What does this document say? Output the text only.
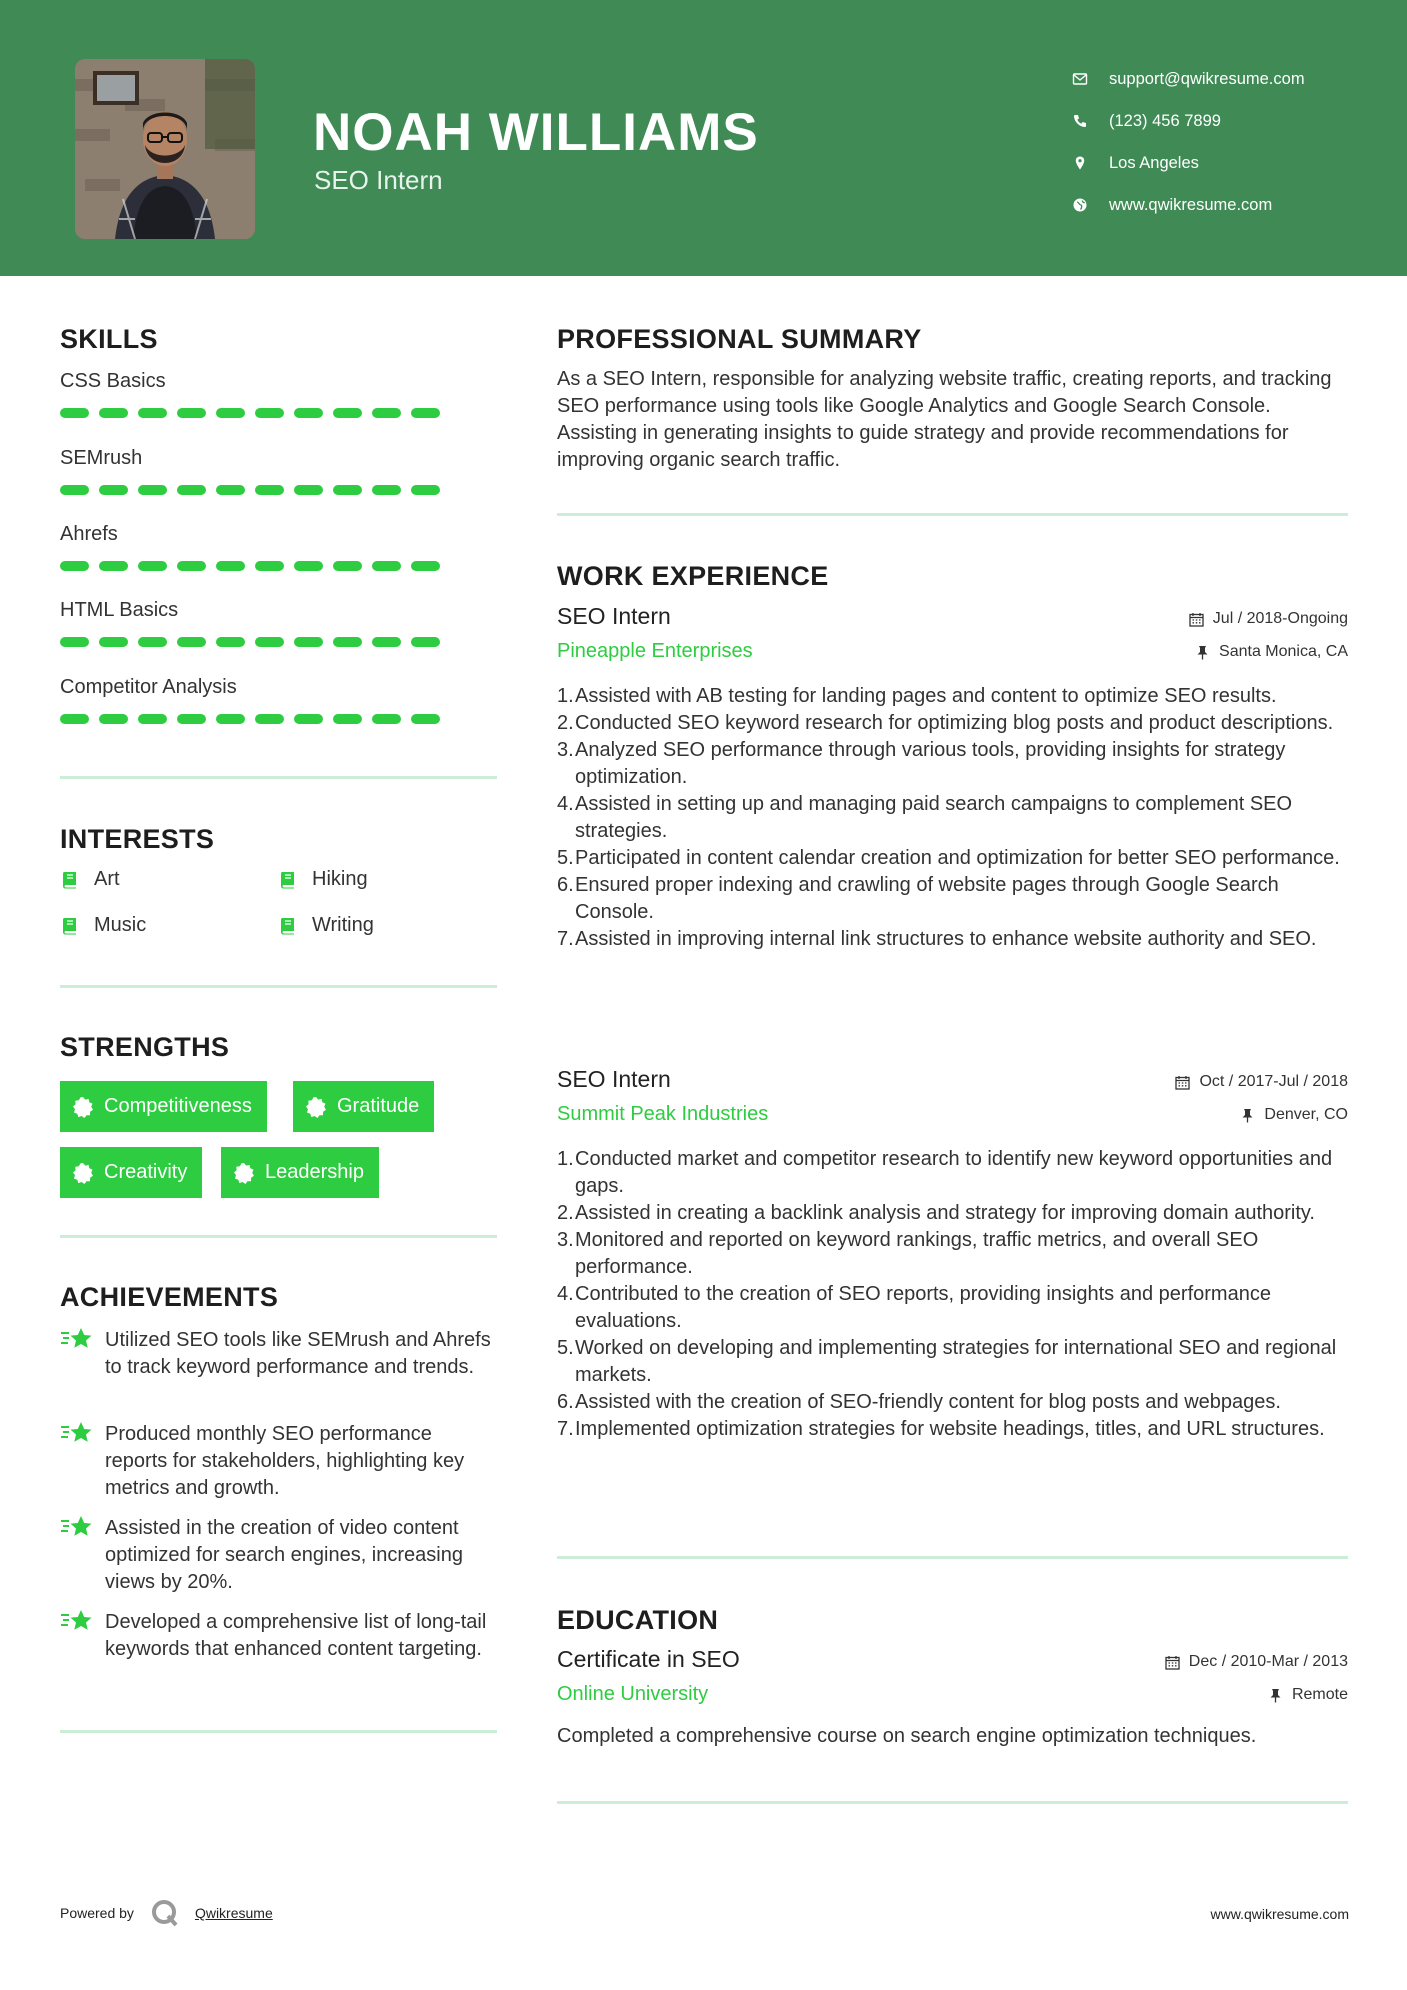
NOAH WILLIAMS
SEO Intern
support@qwikresume.com
(123) 456 7899
Los Angeles
www.qwikresume.com
SKILLS
CSS Basics
SEMrush
Ahrefs
HTML Basics
Competitor Analysis
INTERESTS
Art	Hiking
Music	Writing
STRENGTHS
Competitiveness	Gratitude
Creativity	Leadership
ACHIEVEMENTS
Utilized SEO tools like SEMrush and Ahrefs to track keyword performance and trends.
Produced monthly SEO performance reports for stakeholders, highlighting key metrics and growth.
Assisted in the creation of video content optimized for search engines, increasing views by 20%.
Developed a comprehensive list of long-tail keywords that enhanced content targeting.
PROFESSIONAL SUMMARY
As a SEO Intern, responsible for analyzing website traffic, creating reports, and tracking SEO performance using tools like Google Analytics and Google Search Console. Assisting in generating insights to guide strategy and provide recommendations for improving organic search traffic.
WORK EXPERIENCE
SEO Intern
Pineapple Enterprises
Jul / 2018-Ongoing
Santa Monica, CA
Assisted with AB testing for landing pages and content to optimize SEO results.
Conducted SEO keyword research for optimizing blog posts and product descriptions.
Analyzed SEO performance through various tools, providing insights for strategy optimization.
Assisted in setting up and managing paid search campaigns to complement SEO strategies.
Participated in content calendar creation and optimization for better SEO performance.
Ensured proper indexing and crawling of website pages through Google Search Console.
Assisted in improving internal link structures to enhance website authority and SEO.
SEO Intern
Summit Peak Industries
Oct / 2017-Jul / 2018
Denver, CO
Conducted market and competitor research to identify new keyword opportunities and gaps.
Assisted in creating a backlink analysis and strategy for improving domain authority.
Monitored and reported on keyword rankings, traffic metrics, and overall SEO performance.
Contributed to the creation of SEO reports, providing insights and performance evaluations.
Worked on developing and implementing strategies for international SEO and regional markets.
Assisted with the creation of SEO-friendly content for blog posts and webpages.
Implemented optimization strategies for website headings, titles, and URL structures.
EDUCATION
Certificate in SEO
Online University
Dec / 2010-Mar / 2013
Remote
Completed a comprehensive course on search engine optimization techniques.
Powered by	Qwikresume	www.qwikresume.com
